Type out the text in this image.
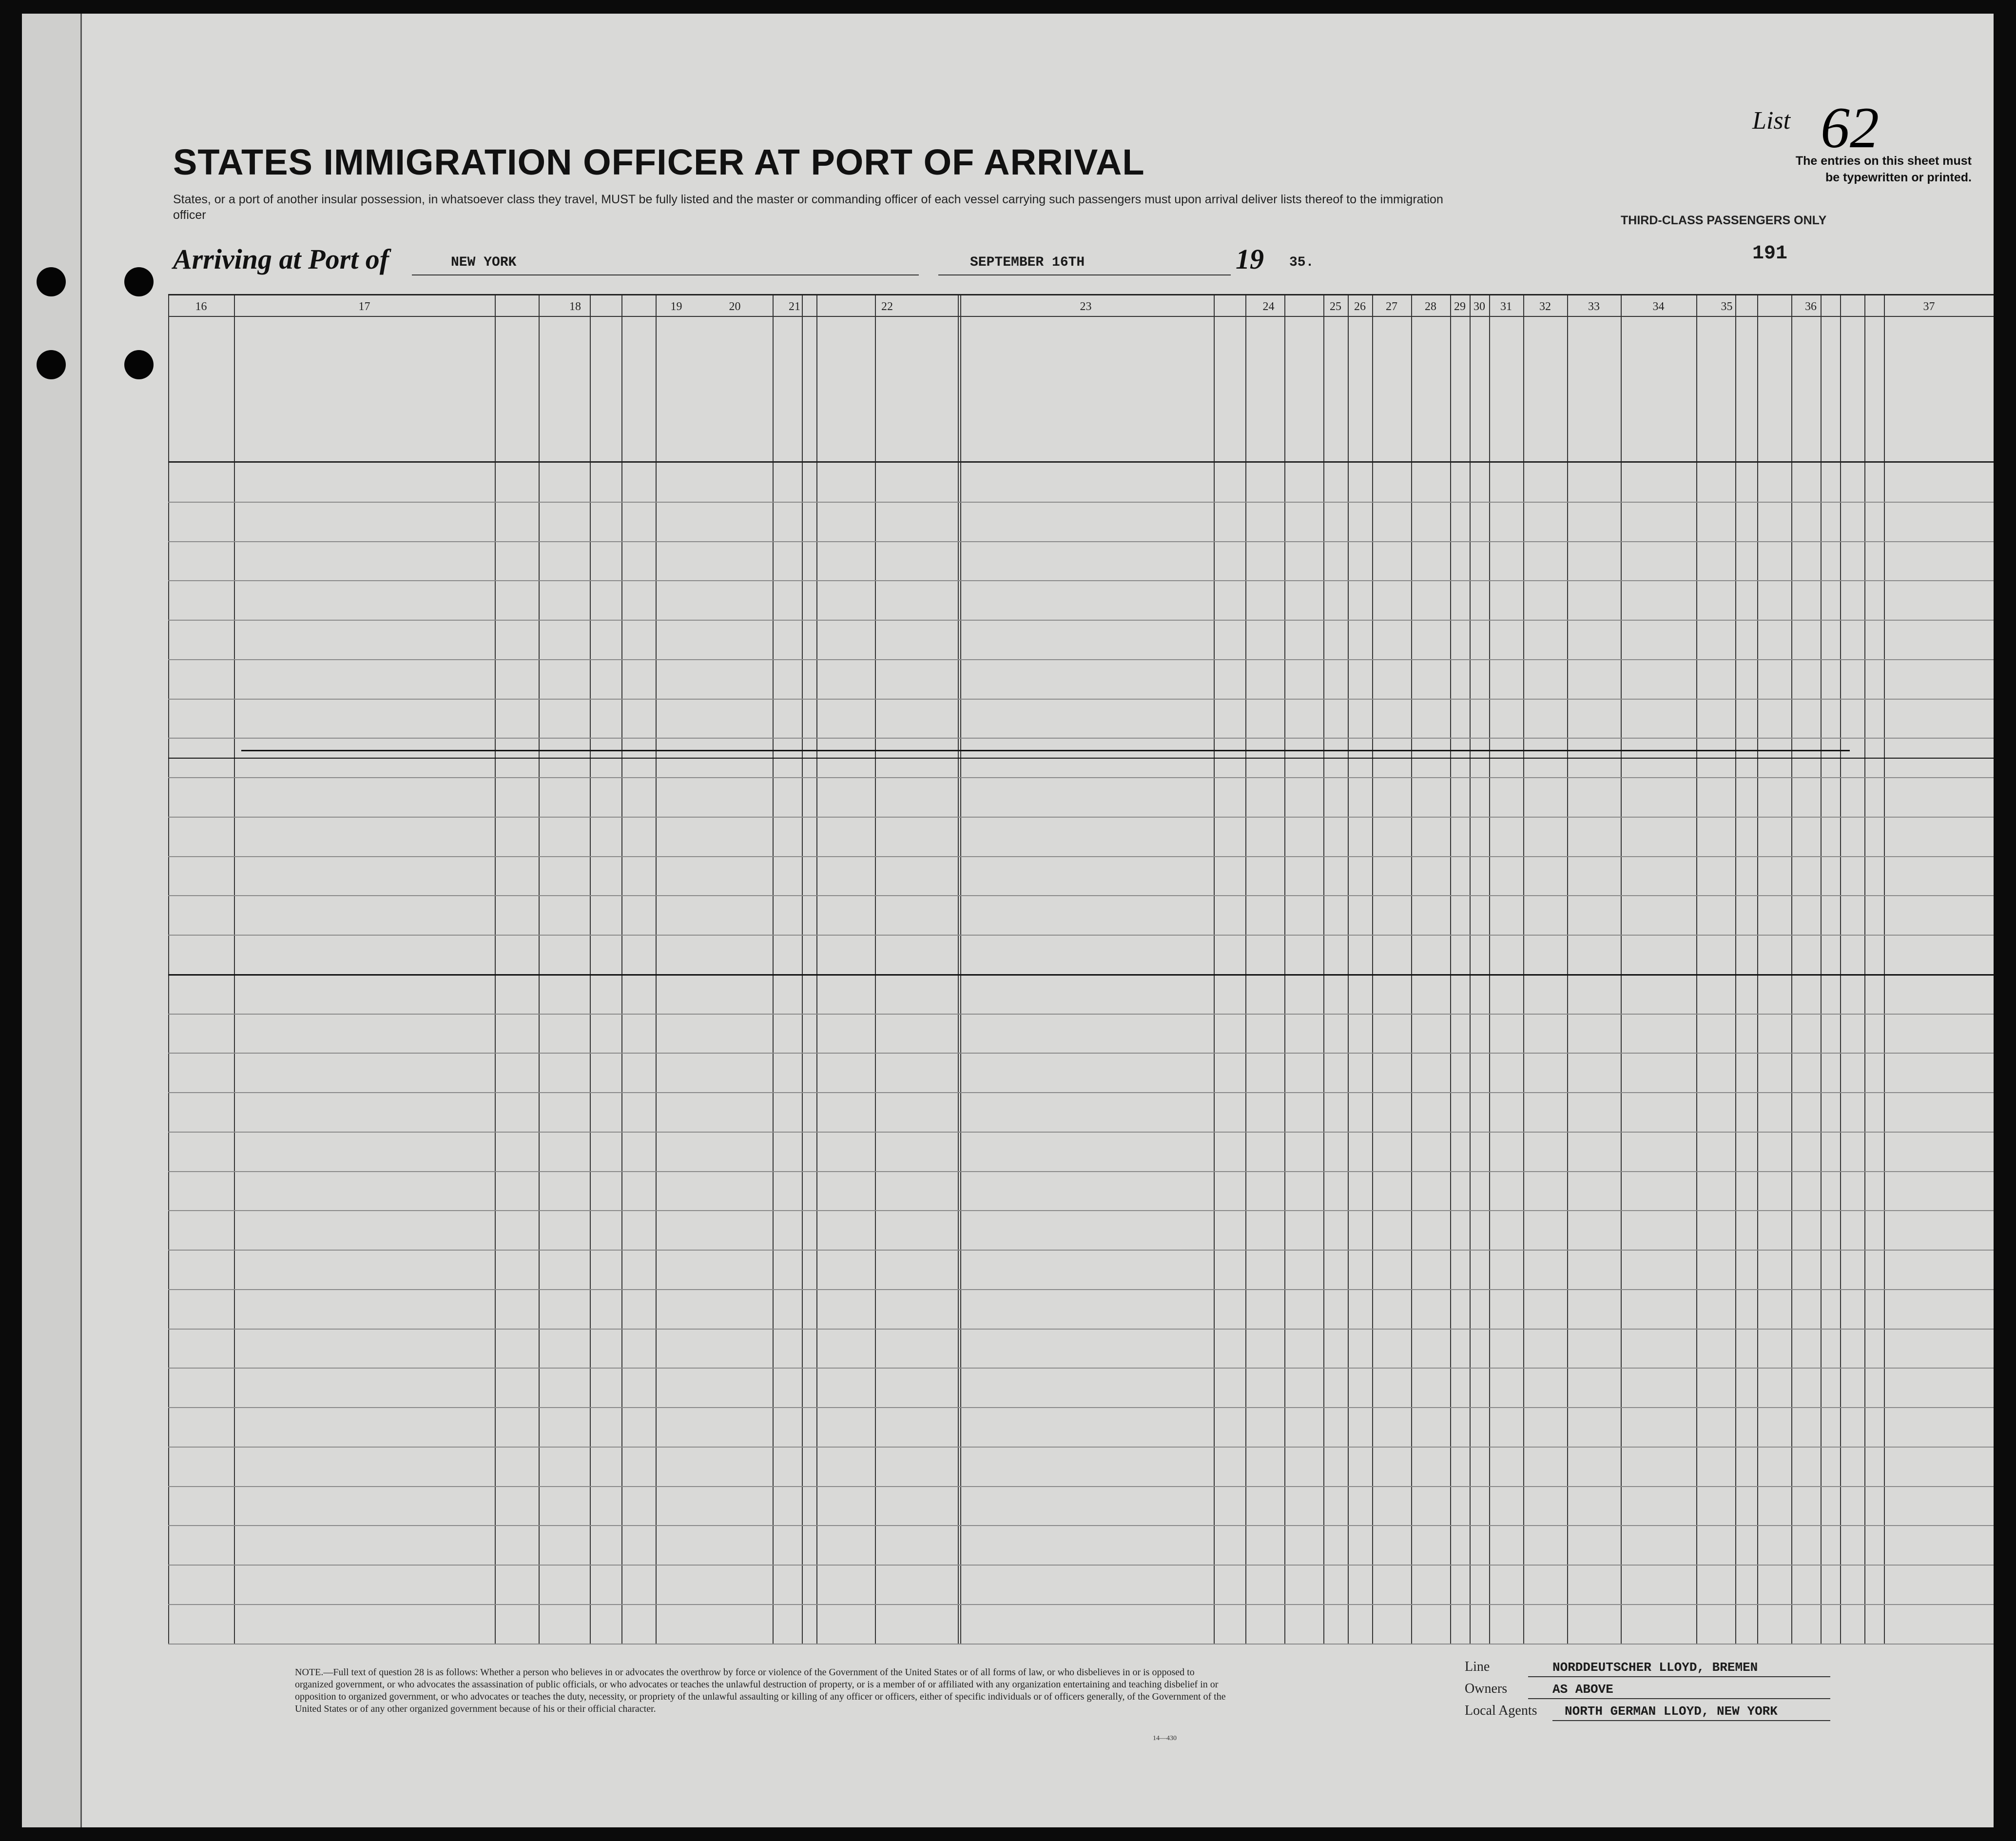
STATES IMMIGRATION OFFICER AT PORT OF ARRIVAL
States, or a port of another insular possession, in whatsoever class they travel, MUST be fully listed and the master or commanding officer of each vessel carrying such passengers must upon arrival deliver lists thereof to the immigration officer	THIRD-CLASS PASSENGERS ONLY
List 62
The entries on this sheet must
be typewritten or printed.
Arriving at Port of	NEW YORK	SEPTEMBER 16TH	19 35.	191
16	17	18	19	20	21	22	23	24	25	26	27	28	29 30	31	32	33	34	35	36	37
NOTE.—Full text of question 28 is as follows: Whether a person who believes in or advocates the overthrow by force or violence of the Government of the United States or of all forms of law, or who disbelieves in or is opposed to organized government, or who advocates the assassination of public officials, or who advocates or teaches the unlawful destruction of property, or is a member of or affiliated with any organization entertaining and teaching disbelief in or opposition to organized government, or who advocates or teaches the duty, necessity, or propriety of the unlawful assaulting or killing of any officer or officers, either of specific individuals or of officers generally, of the Government of the United States or of any other organized government because of his or their official character.
14—430
Line	NORDDEUTSCHER LLOYD, BREMEN
Owners	AS ABOVE
Local Agents NORTH GERMAN LLOYD, NEW YORK
